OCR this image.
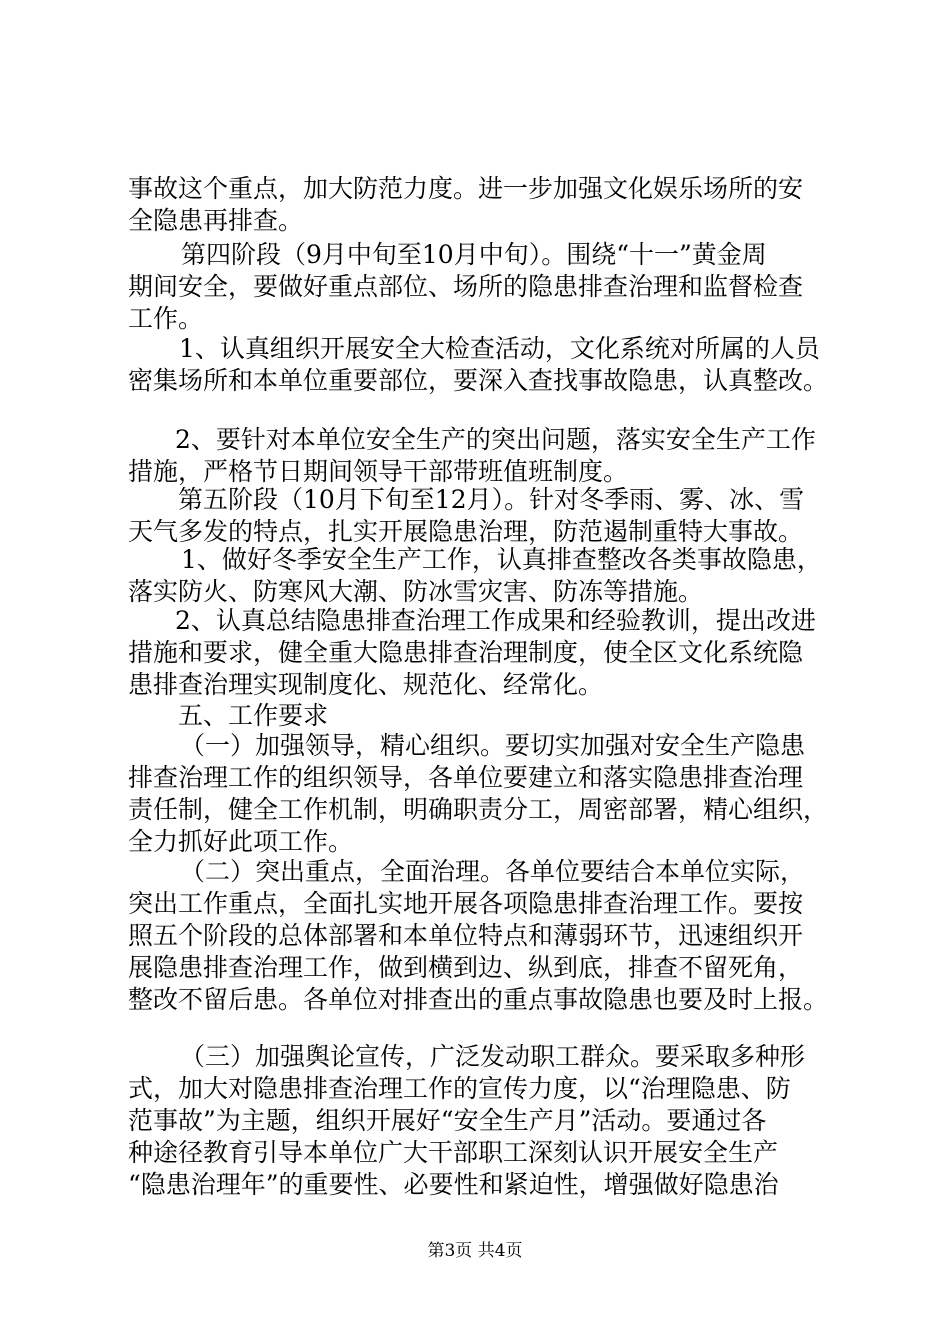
事故这个重点，加大防范力度。进一步加强文化娱乐场所的安
全隐患再排查。
第四阶段（9月中旬至10月中旬）。围绕“十一”黄金周
期间安全，要做好重点部位、场所的隐患排查治理和监督检查
工作。
1、认真组织开展安全大检查活动，文化系统对所属的人员
密集场所和本单位重要部位，要深入查找事故隐患，认真整改。
2、要针对本单位安全生产的突出问题，落实安全生产工作
措施，严格节日期间领导干部带班值班制度。
第五阶段（10月下旬至12月）。针对冬季雨、雾、冰、雪
天气多发的特点，扎实开展隐患治理，防范遏制重特大事故。
1、做好冬季安全生产工作，认真排查整改各类事故隐患，
落实防火、防寒风大潮、防冰雪灾害、防冻等措施。
2、认真总结隐患排查治理工作成果和经验教训，提出改进
措施和要求，健全重大隐患排查治理制度，使全区文化系统隐
患排查治理实现制度化、规范化、经常化。
五、工作要求
（一）加强领导，精心组织。要切实加强对安全生产隐患
排查治理工作的组织领导，各单位要建立和落实隐患排查治理
责任制，健全工作机制，明确职责分工，周密部署，精心组织，
全力抓好此项工作。
（二）突出重点，全面治理。各单位要结合本单位实际，
突出工作重点，全面扎实地开展各项隐患排查治理工作。要按
照五个阶段的总体部署和本单位特点和薄弱环节，迅速组织开
展隐患排查治理工作，做到横到边、纵到底，排查不留死角，
整改不留后患。各单位对排查出的重点事故隐患也要及时上报。
（三）加强舆论宣传，广泛发动职工群众。要采取多种形
式，加大对隐患排查治理工作的宣传力度，以“治理隐患、防
范事故”为主题，组织开展好“安全生产月”活动。要通过各
种途径教育引导本单位广大干部职工深刻认识开展安全生产
“隐患治理年”的重要性、必要性和紧迫性，增强做好隐患治
第3页 共4页
